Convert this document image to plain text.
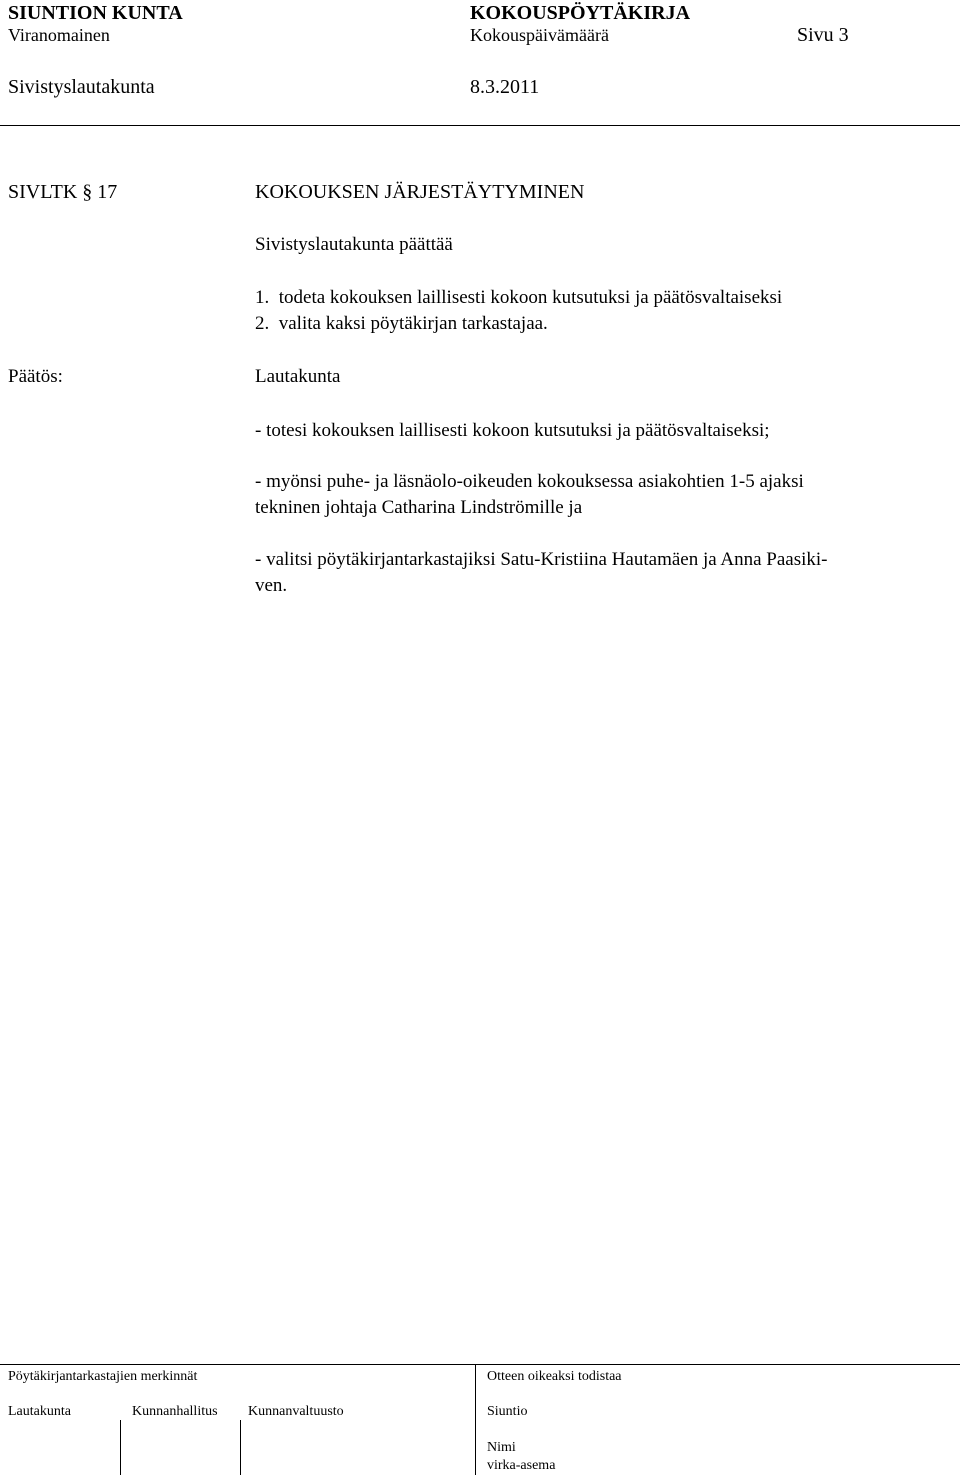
SIUNTION KUNTA	KOKOUSPÖYTÄKIRJA
Viranomainen	Kokouspäivämäärä	Sivu 3
Sivistyslautakunta	8.3.2011
SIVLTK § 17	KOKOUKSEN JÄRJESTÄYTYMINEN
Sivistyslautakunta päättää
1.  todeta kokouksen laillisesti kokoon kutsutuksi ja päätösvaltaiseksi
2.  valita kaksi pöytäkirjan tarkastajaa.
Päätös:	Lautakunta
- totesi kokouksen laillisesti kokoon kutsutuksi ja päätösvaltaiseksi;
- myönsi puhe- ja läsnäolo-oikeuden kokouksessa asiakohtien 1-5 ajaksi
tekninen johtaja Catharina Lindströmille ja
- valitsi pöytäkirjantarkastajiksi Satu-Kristiina Hautamäen ja Anna Paasiki-
ven.
Pöytäkirjantarkastajien merkinnät	Otteen oikeaksi todistaa
Lautakunta	Kunnanhallitus Kunnanvaltuusto	Siuntio
Nimi
virka-asema
